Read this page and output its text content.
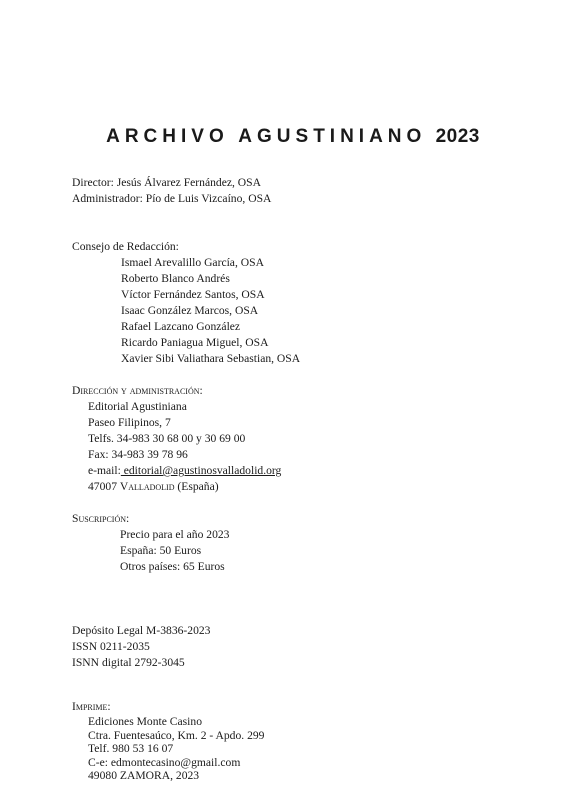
ARCHIVO AGUSTINIANO 2023
Director: Jesús Álvarez Fernández, OSA
Administrador: Pío de Luis Vizcaíno, OSA
Consejo de Redacción:
Ismael Arevalillo García, OSA
Roberto Blanco Andrés
Víctor Fernández Santos, OSA
Isaac González Marcos, OSA
Rafael Lazcano González
Ricardo Paniagua Miguel, OSA
Xavier Sibi Valiathara Sebastian, OSA
Dirección y administración:
Editorial Agustiniana
Paseo Filipinos, 7
Telfs. 34-983 30 68 00 y 30 69 00
Fax: 34-983 39 78 96
e-mail: editorial@agustinosvalladolid.org
47007 Valladolid (España)
Suscripción:
Precio para el año 2023
España: 50 Euros
Otros países: 65 Euros
Depósito Legal M-3836-2023
ISSN 0211-2035
ISNN digital 2792-3045
Imprime:
Ediciones Monte Casino
Ctra. Fuentesaúco, Km. 2 - Apdo. 299
Telf. 980 53 16 07
C-e: edmontecasino@gmail.com
49080 ZAMORA, 2023
